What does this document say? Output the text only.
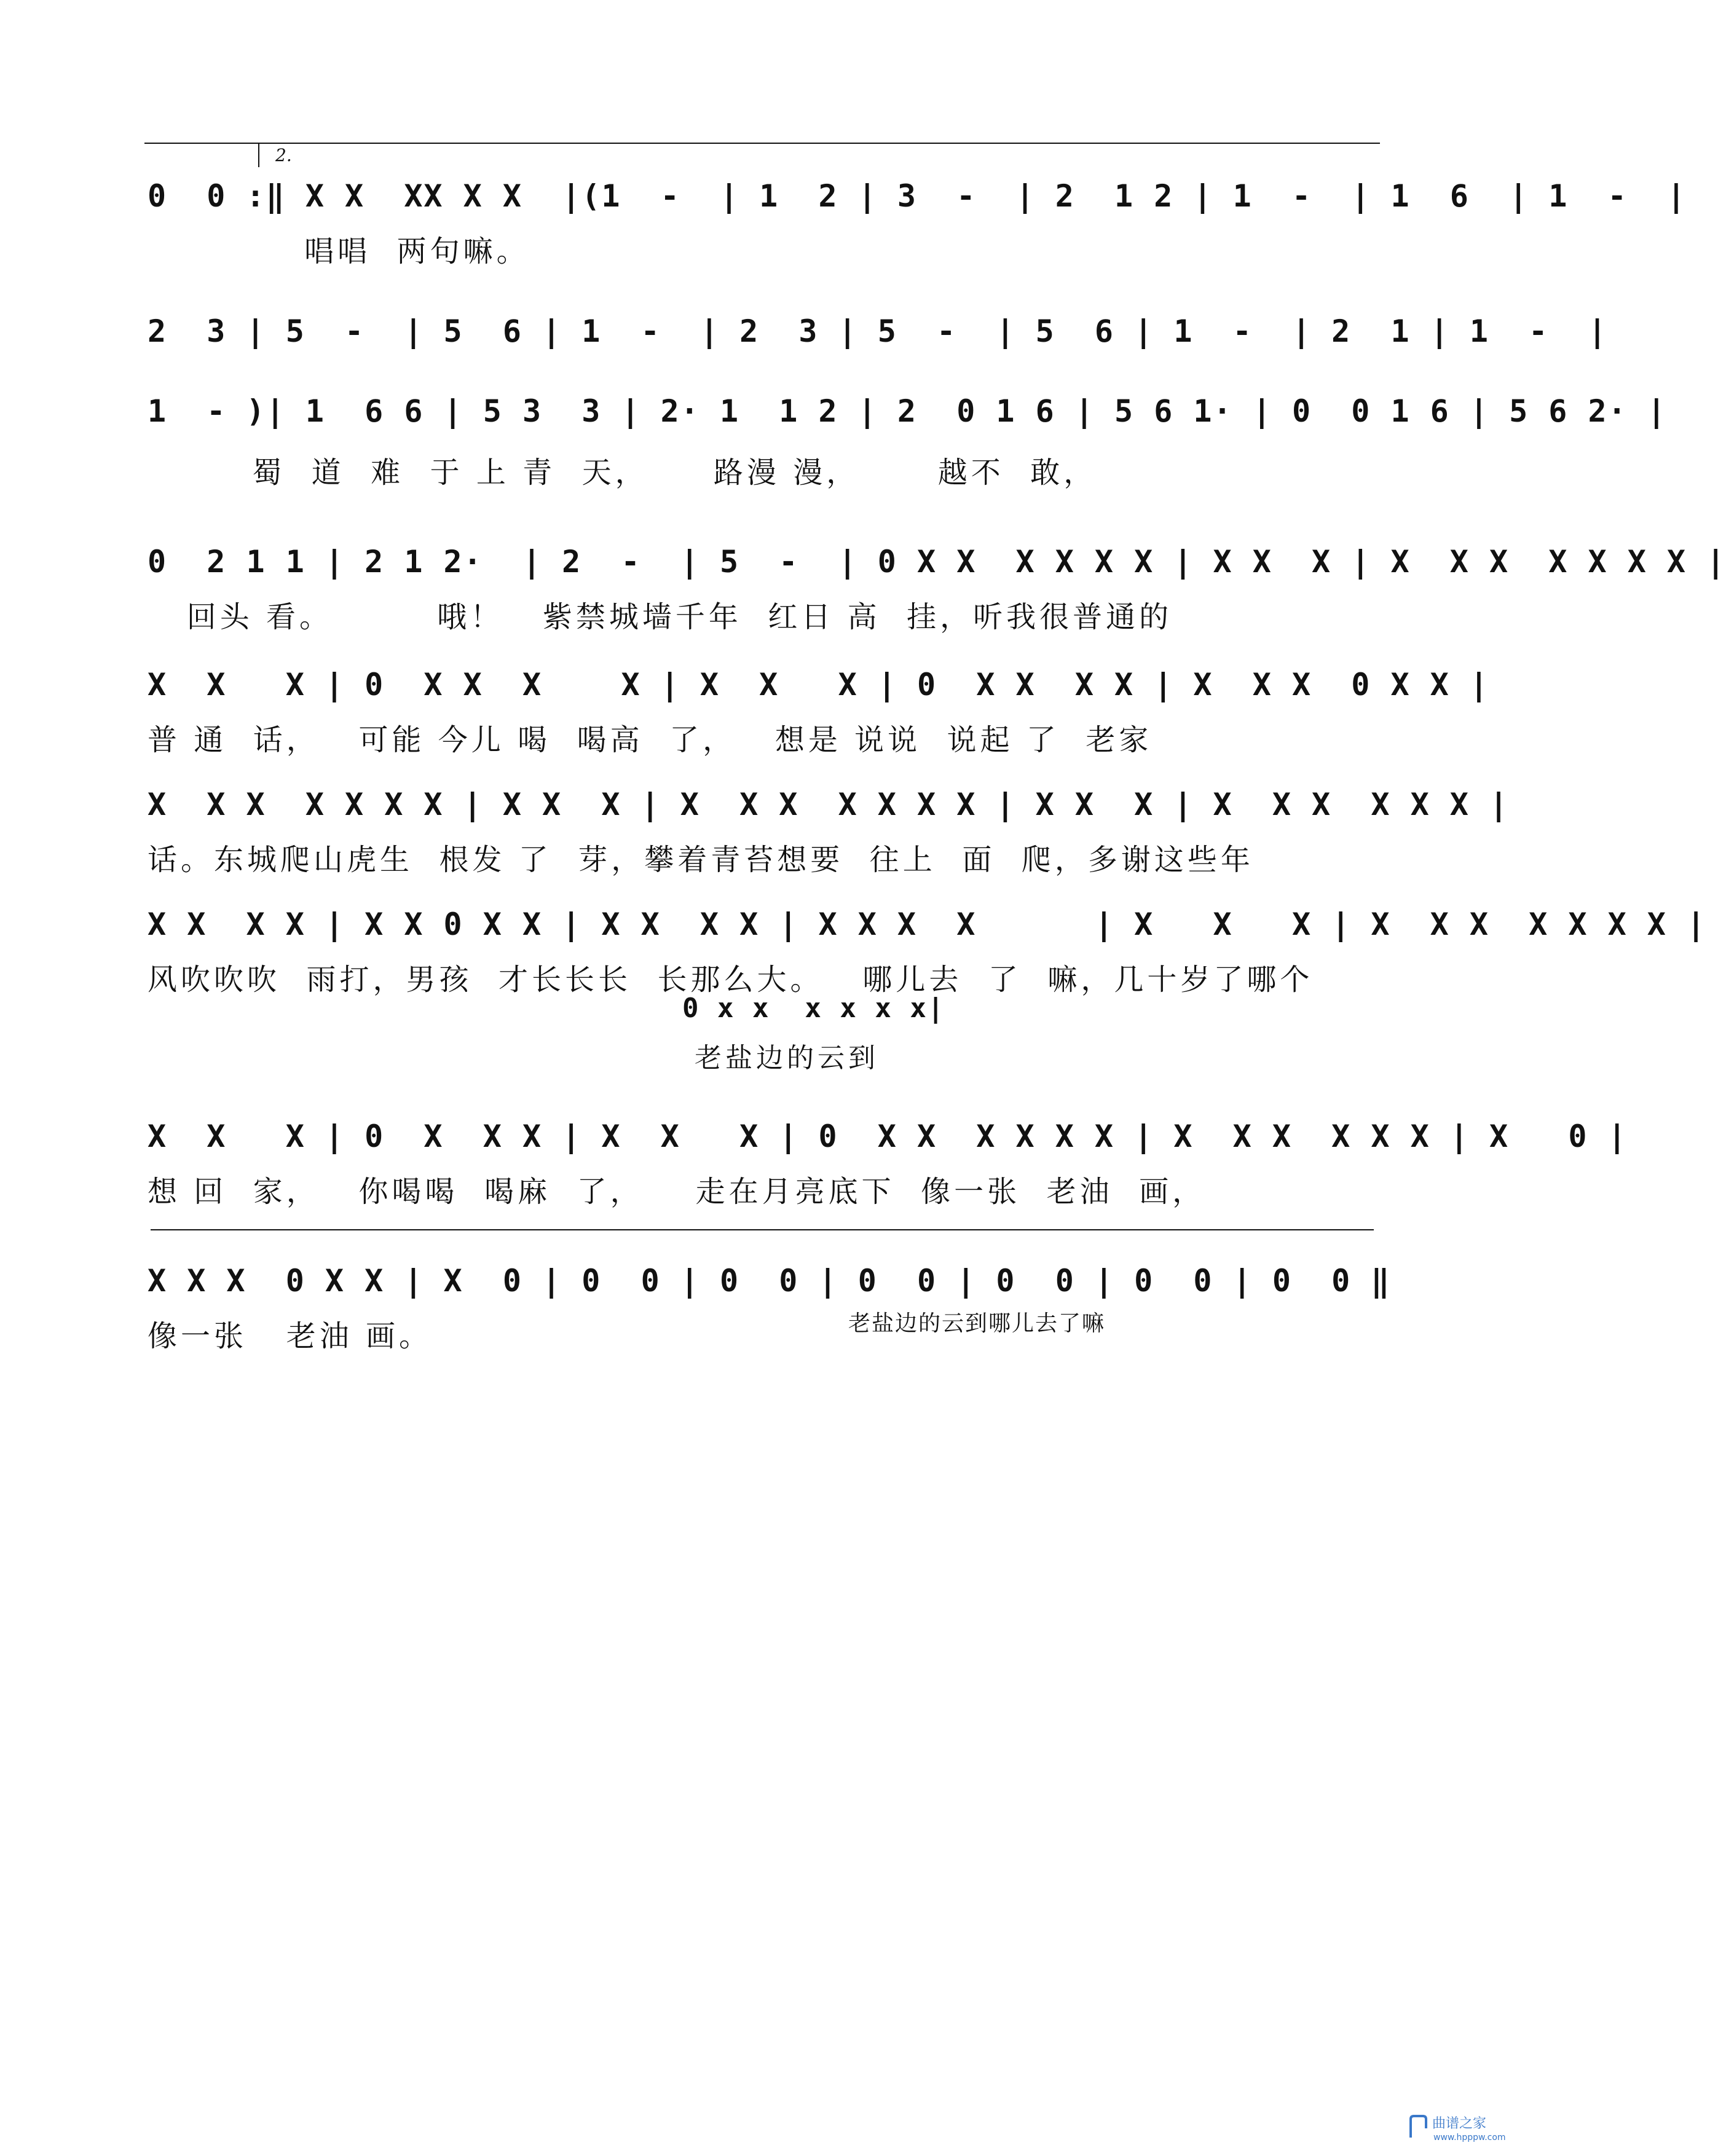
2.
0  0 :‖ X X  XX X X  |(1  -  | 1  2 | 3  -  | 2  1 2 | 1  -  | 1  6  | 1  -  |
唱唱  两句嘛。
2  3 | 5  -  | 5  6 | 1  -  | 2  3 | 5  -  | 5  6 | 1  -  | 2  1 | 1  -  |
1  - )| 1  6 6 | 5 3  3 | 2· 1  1 2 | 2  0 1 6 | 5 6 1· | 0  0 1 6 | 5 6 2· |
蜀  道  难  于 上 青  天，     路漫 漫，      越不  敢，
0  2 1 1 | 2 1 2·  | 2  -  | 5  -  | 0 X X  X X X X | X X  X | X  X X  X X X X |
回头 看。        哦！   紫禁城墙千年  红日 高  挂，听我很普通的
X  X   X | 0  X X  X    X | X  X   X | 0  X X  X X | X  X X  0 X X |
普 通  话，   可能 今儿 喝  喝高  了，   想是 说说  说起 了  老家
X  X X  X X X X | X X  X | X  X X  X X X X | X X  X | X  X X  X X X |
话。东城爬山虎生  根发 了  芽，攀着青苔想要  往上  面  爬，多谢这些年
X X  X X | X X 0 X X | X X  X X | X X X  X      | X   X   X | X  X X  X X X X |
风吹吹吹  雨打，男孩  才长长长  长那么大。   哪儿去  了  嘛，几十岁了哪个
0 x x  x x x x|
老盐边的云到
X  X   X | 0  X  X X | X  X   X | 0  X X  X X X X | X  X X  X X X | X   0 |
想 回  家，   你喝喝  喝麻  了，    走在月亮底下  像一张  老油  画，
X X X  0 X X | X  0 | 0  0 | 0  0 | 0  0 | 0  0 | 0  0 | 0  0 ‖
像一张   老油 画。	老盐边的云到哪儿去了嘛
曲谱之家
www.hpppw.com
